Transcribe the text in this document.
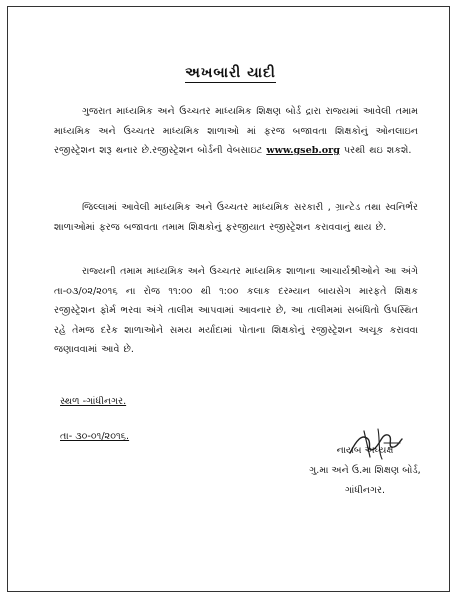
અખબારી યાદી
ગુજરાત માધ્યમિક અને ઉચ્ચતર માધ્યમિક શિક્ષણ બોર્ડ દ્રારા રાજ્યમાં આવેલી તમામ માધ્યમિક અને ઉચ્ચતર માધ્યમિક શાળાઓ માં ફરજ બજાવતા શિક્ષકોનું ઓનલાઇન રજીસ્ટ્રેશન શરૂ થનાર છે.રજીસ્ટ્રેશન બોર્ડની વેબસાઇટ www.gseb.org પરથી થઇ શકશે.
જિલ્લામાં આવેલી માધ્યમિક અને ઉચ્ચતર માધ્યમિક સરકારી , ગ્રાન્ટેડ તથા સ્વનિર્ભર શાળાઓમાં ફરજ બજાવતા તમામ શિક્ષકોનું ફરજીયાત રજીસ્ટ્રેશન કરાવવાનું થાય છે.
રાજ્યની તમામ માધ્યમિક અને ઉચ્ચતર માધ્યમિક શાળાના આચાર્યશ્રીઓને આ અંગે તા-૦૩/૦૨/૨૦૧૬ ના રોજ ૧૧:૦૦ થી ૧:૦૦ કલાક દરમ્યાન બાયસેગ મારફતે શિક્ષક રજીસ્ટ્રેશન ફોર્મ ભરવા અંગે તાલીમ આપવામાં આવનાર છે, આ તાલીમમાં સબંધિતો ઉપસ્થિત રહે તેમજ દરેક શાળાઓને સમય મર્યાદામાં પોતાના શિક્ષકોનું રજીસ્ટ્રેશન અચૂક કરાવવા જણાવવામાં આવે છે.
સ્થળ -ગાંધીનગર.
તા- ૩૦-૦૧/૨૦૧૬.
નાયબ અધ્યક્ષ
ગુ.મા અને ઉ.મા શિક્ષણ બોર્ડ,
ગાંધીનગર.
